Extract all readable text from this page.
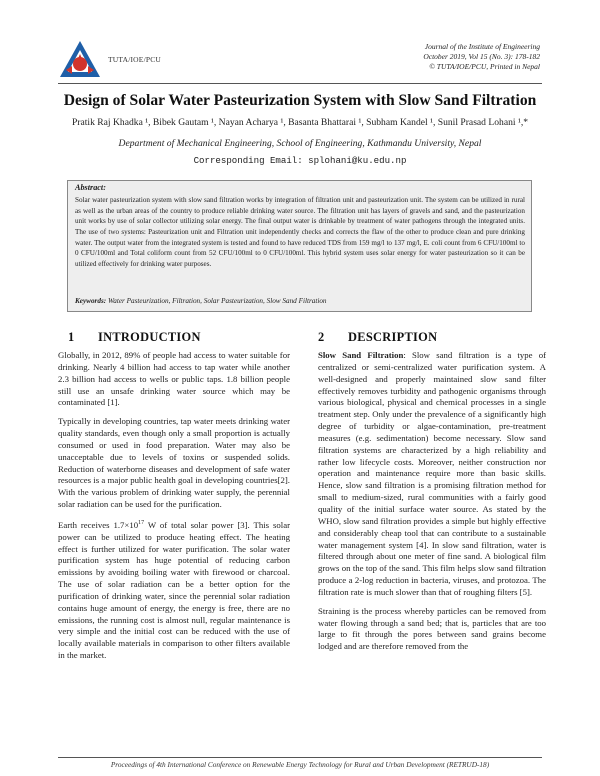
TUTA/IOE/PCU
Journal of the Institute of Engineering
October 2019, Vol 15 (No. 3): 178-182
© TUTA/IOE/PCU, Printed in Nepal
Design of Solar Water Pasteurization System with Slow Sand Filtration
Pratik Raj Khadka ¹, Bibek Gautam ¹, Nayan Acharya ¹, Basanta Bhattarai ¹, Subham Kandel ¹, Sunil Prasad Lohani ¹,*
Department of Mechanical Engineering, School of Engineering, Kathmandu University, Nepal
Corresponding Email: splohani@ku.edu.np
Abstract:
Solar water pasteurization system with slow sand filtration works by integration of filtration unit and pasteurization unit. The system can be utilized in rural as well as the urban areas of the country to produce reliable drinking water source. The filtration unit has layers of gravels and sand, and the pasteurization unit works by use of solar collector utilizing solar energy. The final output water is drinkable by treatment of water pathogens through the integrated units. The use of two systems: Pasteurization unit and Filtration unit independently checks and corrects the flaw of the other to produce clean and pure drinking water. The output water from the integrated system is tested and found to have reduced TDS from 159 mg/l to 137 mg/l, E. coli count from 6 CFU/100ml to 0 CFU/100ml and Total coliform count from 52 CFU/100ml to 0 CFU/100ml. This hybrid system uses solar energy for water pasteurization so it can be utilized effectively for drinking water purposes.
Keywords: Water Pasteurization, Filtration, Solar Pasteurization, Slow Sand Filtration
1 INTRODUCTION

Globally, in 2012, 89% of people had access to water suitable for drinking. Nearly 4 billion had access to tap water while another 2.3 billion had access to wells or public taps. 1.8 billion people still use an unsafe drinking water source which may be contaminated [1].

Typically in developing countries, tap water meets drinking water quality standards, even though only a small proportion is actually consumed or used in food preparation. Water may also be unacceptable due to levels of toxins or suspended solids. Reduction of waterborne diseases and development of safe water resources is a major public health goal in developing countries[2]. With the various problem of drinking water supply, the perennial solar radiation can be used for the purification.

Earth receives $1.7\times 10^{17}$ W of total solar power [3]. This solar power can be utilized to produce heating effect. The heating effect is further utilized for water purification. The solar water purification system has huge potential of reducing carbon emissions by avoiding boiling water with firewood or charcoal. The use of solar radiation can be a better option for the purification of drinking water, since the perennial solar radiation contains huge amount of energy, the energy is free, there are no emissions, the running cost is almost null, regular maintenance is very simple and the initial cost can be reduced with the use of locally available materials in comparison to other filters available in the market.

2 DESCRIPTION

Slow Sand Filtration: Slow sand filtration is a type of centralized or semi-centralized water purification system. A well-designed and properly maintained slow sand filter effectively removes turbidity and pathogenic organisms through various biological, physical and chemical processes in a single treatment step. Only under the prevalence of a significantly high degree of turbidity or algae-contamination, pre-treatment measures (e.g. sedimentation) become necessary. Slow sand filtration systems are characterized by a high reliability and rather low lifecycle costs. Moreover, neither construction nor operation and maintenance require more than basic skills. Hence, slow sand filtration is a promising filtration method for small to medium-sized, rural communities with a fairly good quality of the initial surface water source. As stated by the WHO, slow sand filtration provides a simple but highly effective and considerably cheap tool that can contribute to a sustainable water management system [4]. In slow sand filtration, water is filtered through about one meter of fine sand. A biological film grows on the top of the sand. This film helps slow sand filtration produce a 2-log reduction in bacteria, viruses, and protozoa. The filtration rate is much slower than that of roughing filters [5].

Straining is the process whereby particles can be removed from water flowing through a sand bed; that is, particles that are too large to fit through the pores between sand grains become lodged and are therefore removed from the

Proceedings of 4th International Conference on Renewable Energy Technology for Rural and Urban Development (RETRUD-18)
